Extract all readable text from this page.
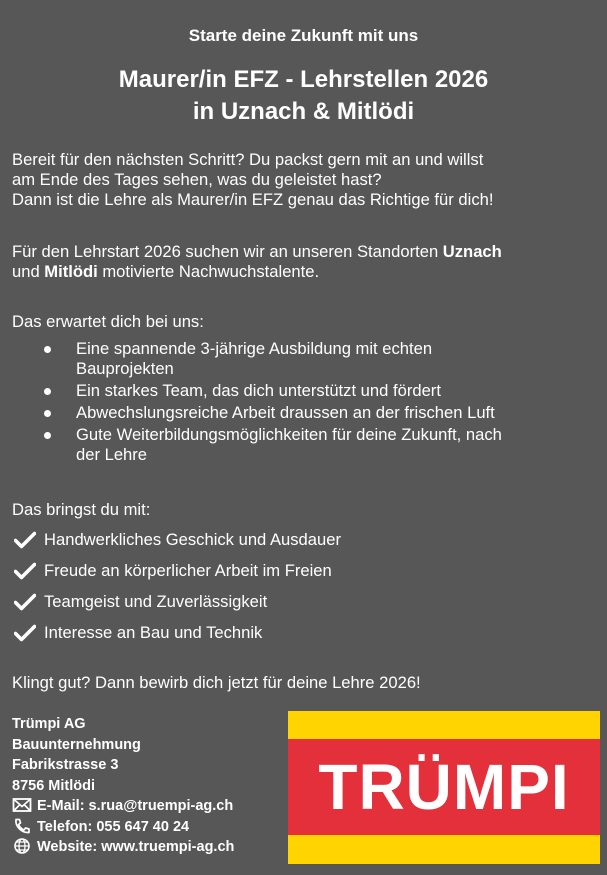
Starte deine Zukunft mit uns
Maurer/in EFZ - Lehrstellen 2026
in Uznach & Mitlödi
Bereit für den nächsten Schritt? Du packst gern mit an und willst
am Ende des Tages sehen, was du geleistet hast?
Dann ist die Lehre als Maurer/in EFZ genau das Richtige für dich!
Für den Lehrstart 2026 suchen wir an unseren Standorten Uznach
und Mitlödi motivierte Nachwuchstalente.
Das erwartet dich bei uns:
Eine spannende 3-jährige Ausbildung mit echten
Bauprojekten
Ein starkes Team, das dich unterstützt und fördert
Abwechslungsreiche Arbeit draussen an der frischen Luft
Gute Weiterbildungsmöglichkeiten für deine Zukunft, nach
der Lehre
Das bringst du mit:
Handwerkliches Geschick und Ausdauer
Freude an körperlicher Arbeit im Freien
Teamgeist und Zuverlässigkeit
Interesse an Bau und Technik
Klingt gut? Dann bewirb dich jetzt für deine Lehre 2026!
Trümpi AG
Bauunternehmung
Fabrikstrasse 3
8756 Mitlödi
E-Mail: s.rua@truempi-ag.ch
Telefon: 055 647 40 24
Website: www.truempi-ag.ch
TRÜMPI
